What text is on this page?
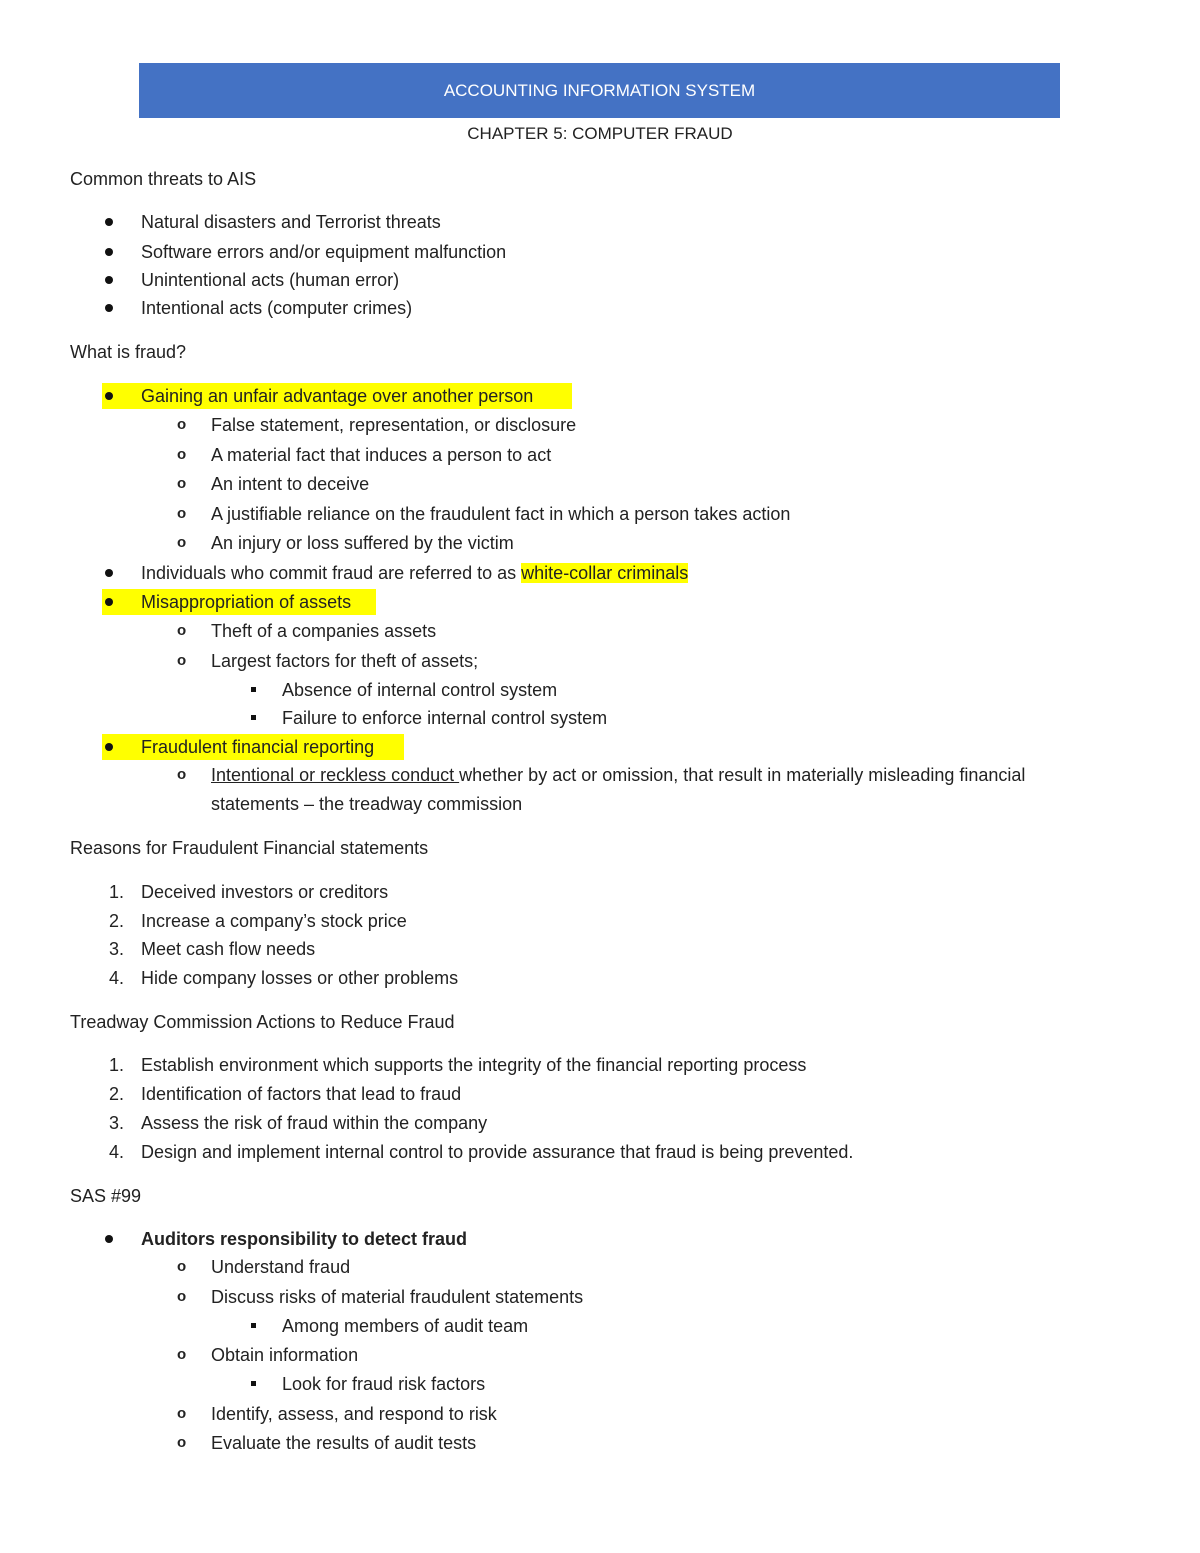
ACCOUNTING INFORMATION SYSTEM
CHAPTER 5: COMPUTER FRAUD
Common threats to AIS
Natural disasters and Terrorist threats
Software errors and/or equipment malfunction
Unintentional acts (human error)
Intentional acts (computer crimes)
What is fraud?
Gaining an unfair advantage over another person
o False statement, representation, or disclosure
o A material fact that induces a person to act
o An intent to deceive
o A justifiable reliance on the fraudulent fact in which a person takes action
o An injury or loss suffered by the victim
Individuals who commit fraud are referred to as white-collar criminals
Misappropriation of assets
o Theft of a companies assets
o Largest factors for theft of assets;
Absence of internal control system
Failure to enforce internal control system
Fraudulent financial reporting
o Intentional or reckless conduct whether by act or omission, that result in materially misleading financial
statements – the treadway commission
Reasons for Fraudulent Financial statements
1. Deceived investors or creditors
2. Increase a company’s stock price
3. Meet cash flow needs
4. Hide company losses or other problems
Treadway Commission Actions to Reduce Fraud
1. Establish environment which supports the integrity of the financial reporting process
2. Identification of factors that lead to fraud
3. Assess the risk of fraud within the company
4. Design and implement internal control to provide assurance that fraud is being prevented.
SAS #99
Auditors responsibility to detect fraud
o Understand fraud
o Discuss risks of material fraudulent statements
Among members of audit team
o Obtain information
Look for fraud risk factors
o Identify, assess, and respond to risk
o Evaluate the results of audit tests
